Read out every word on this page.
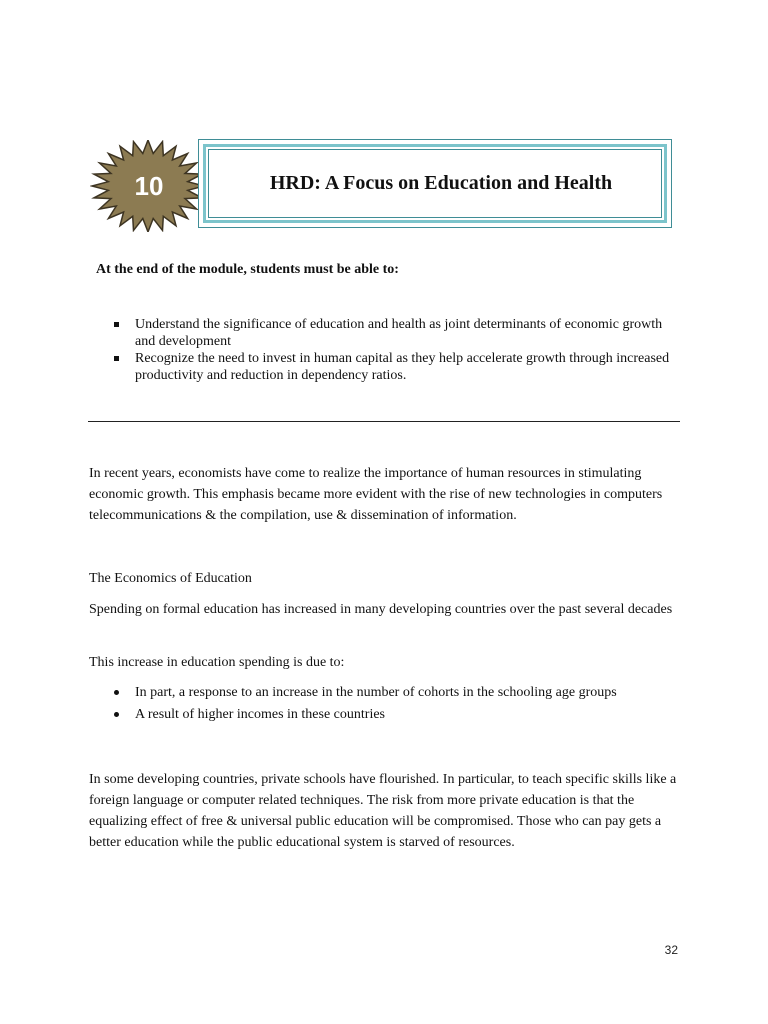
10	HRD: A Focus on Education and Health
At the end of the module, students must be able to:
Understand the significance of education and health as joint determinants of economic growth and development
Recognize the need to invest in human capital as they help accelerate growth through increased productivity and reduction in dependency ratios.

In recent years, economists have come to realize the importance of human resources in stimulating economic growth. This emphasis became more evident with the rise of new technologies in computers telecommunications & the compilation, use & dissemination of information.

The Economics of Education

Spending on formal education has increased in many developing countries over the past several decades

This increase in education spending is due to:

In part, a response to an increase in the number of cohorts in the schooling age groups
A result of higher incomes in these countries

In some developing countries, private schools have flourished. In particular, to teach specific skills like a foreign language or computer related techniques. The risk from more private education is that the equalizing effect of free & universal public education will be compromised. Those who can pay gets a better education while the public educational system is starved of resources.

32
